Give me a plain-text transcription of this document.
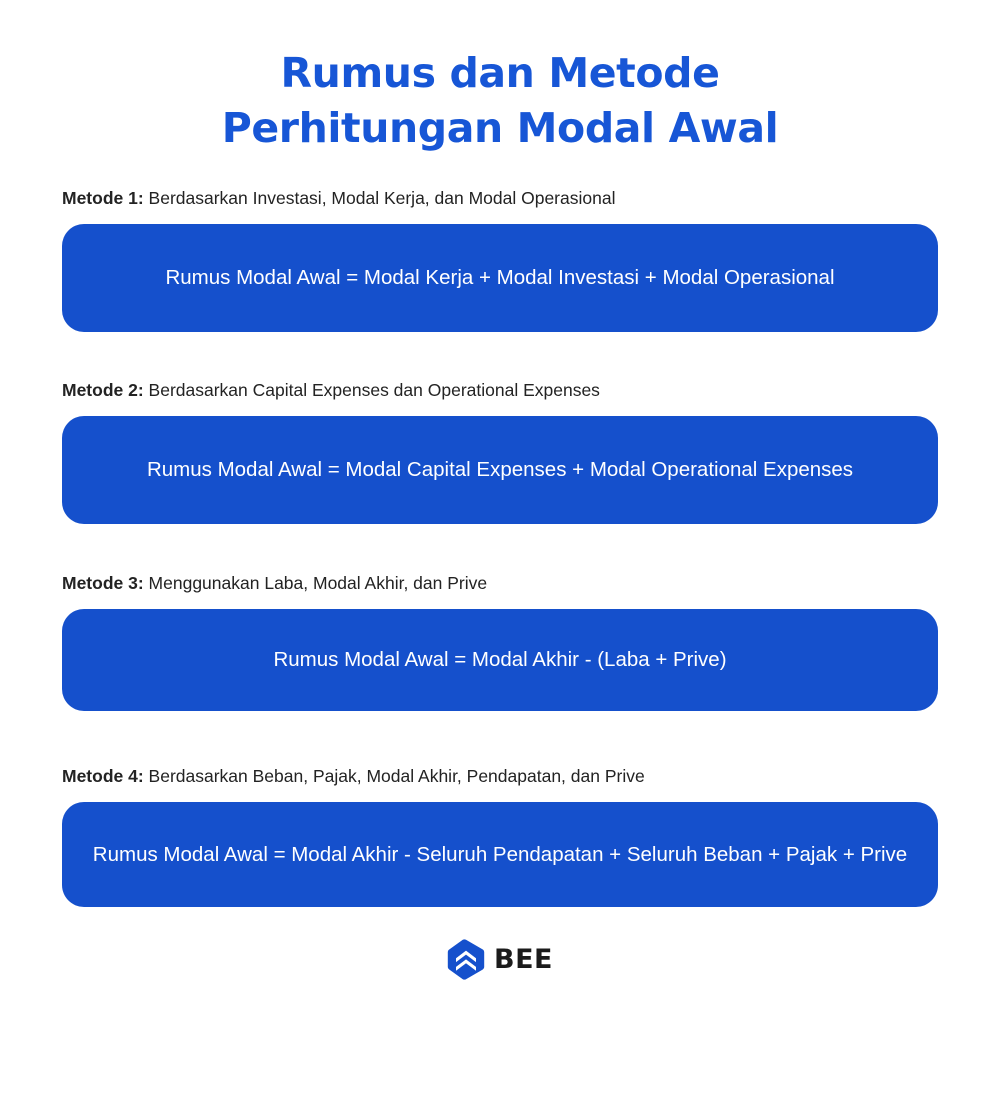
Rumus dan Metode
Perhitungan Modal Awal

Metode 1: Berdasarkan Investasi, Modal Kerja, dan Modal Operasional

Rumus Modal Awal = Modal Kerja + Modal Investasi + Modal Operasional

Metode 2: Berdasarkan Capital Expenses dan Operational Expenses

Rumus Modal Awal = Modal Capital Expenses + Modal Operational Expenses

Metode 3: Menggunakan Laba, Modal Akhir, dan Prive

Rumus Modal Awal = Modal Akhir - (Laba + Prive)

Metode 4: Berdasarkan Beban, Pajak, Modal Akhir, Pendapatan, dan Prive

Rumus Modal Awal = Modal Akhir - Seluruh Pendapatan + Seluruh Beban + Pajak + Prive
BEE
